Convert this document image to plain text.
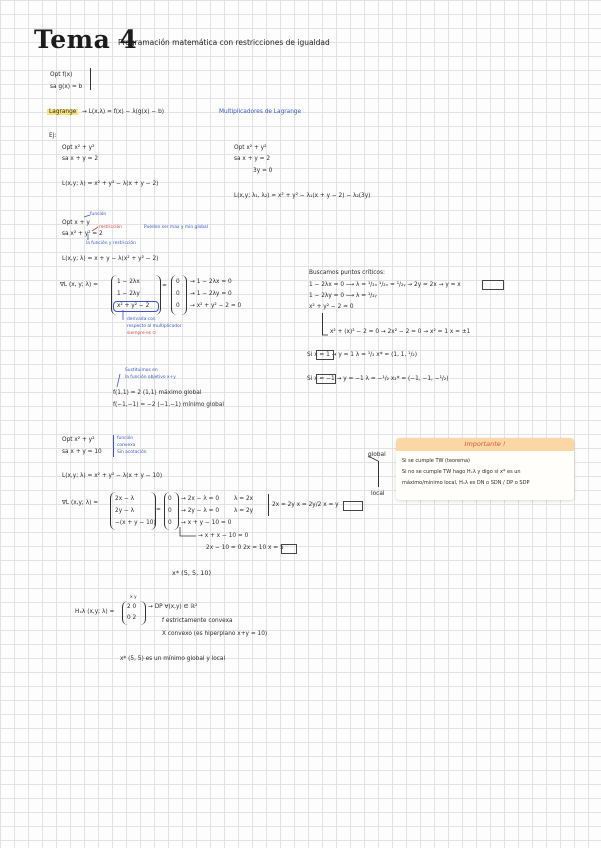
Tema 4
Programación matemática con restricciones de igualdad
Opt f(x)
sa g(x) = b
Lagrange → L(x,λ) = f(x) − λ(g(x) − b)	Multiplicadores de Lagrange
Ej:
Opt x² + y²
sa x + y = 2
L(x,y; λ) = x² + y² − λ(x + y − 2)
Opt x² + y²
sa x + y = 2
3y = 0
L(x,y; λ₁, λ₂) = x² + y² − λ₁(x + y − 2) − λ₂(3y)
Opt x + y
sa x² + y² = 2
función
restricción
la función y restricción
Pueden ser max y min global
L(x,y; λ) = x + y − λ(x² + y² − 2)
∇L (x, y; λ) =	1 − 2λx
1 − 2λy
x² + y² − 2
=
0
0
0
→ 1 − 2λx = 0
→ 1 − 2λy = 0
→ x² + y² − 2 = 0
derivada con
respecto al multiplicador
siempre es ∅
Buscamos puntos críticos:
1 − 2λx = 0 ⟶ λ = ¹/₂ₓ ¹/₂ₓ = ¹/₂ᵧ → 2y = 2x → y = x
1 − 2λy = 0 ⟶ λ = ¹/₂ᵧ
x² + y² − 2 = 0
x² + (x)² − 2 = 0 → 2x² − 2 = 0 → x² = 1 x = ±1
Si x = 1 → y = 1 λ = ¹/₂ x* = (1, 1, ¹/₂)
Si x = −1 → y = −1 λ = −¹/₂ x₂* = (−1, −1, −¹/₂)
Sustituimos en
la función objetivo x+y
f(1,1) = 2 (1,1) máximo global
f(−1,−1) = −2 (−1,−1) mínimo global
Opt x² + y²
sa x + y = 10
función
convexa
Sin acotación
L(x,y; λ) = x² + y² − λ(x + y − 10)
∇L (x,y; λ) =
2x − λ
2y − λ
−(x + y − 10)
=
0
0
0
→ 2x − λ = 0
→ 2y − λ = 0
→ x + y − 10 = 0
λ = 2x
λ = 2y
2x = 2y x = 2y/2 x = y
→ x + x − 10 = 0
2x − 10 = 0 2x = 10 x = 5
x* (5, 5, 10)
Hₓλ (x,y; λ) =
x y
2 0
0 2
→ DP ∀(x,y) ∈ ℝ²
f estrictamente convexa
X convexo (es hiperplano x+y = 10)
x* (5, 5) es un mínimo global y local
global
local
Importante !
Si se cumple TW (teorema)
Si no se cumple TW hago Hₓλ y digo si x* es un
máximo/mínimo local, Hₓλ es DN o SDN / DP o SDP
